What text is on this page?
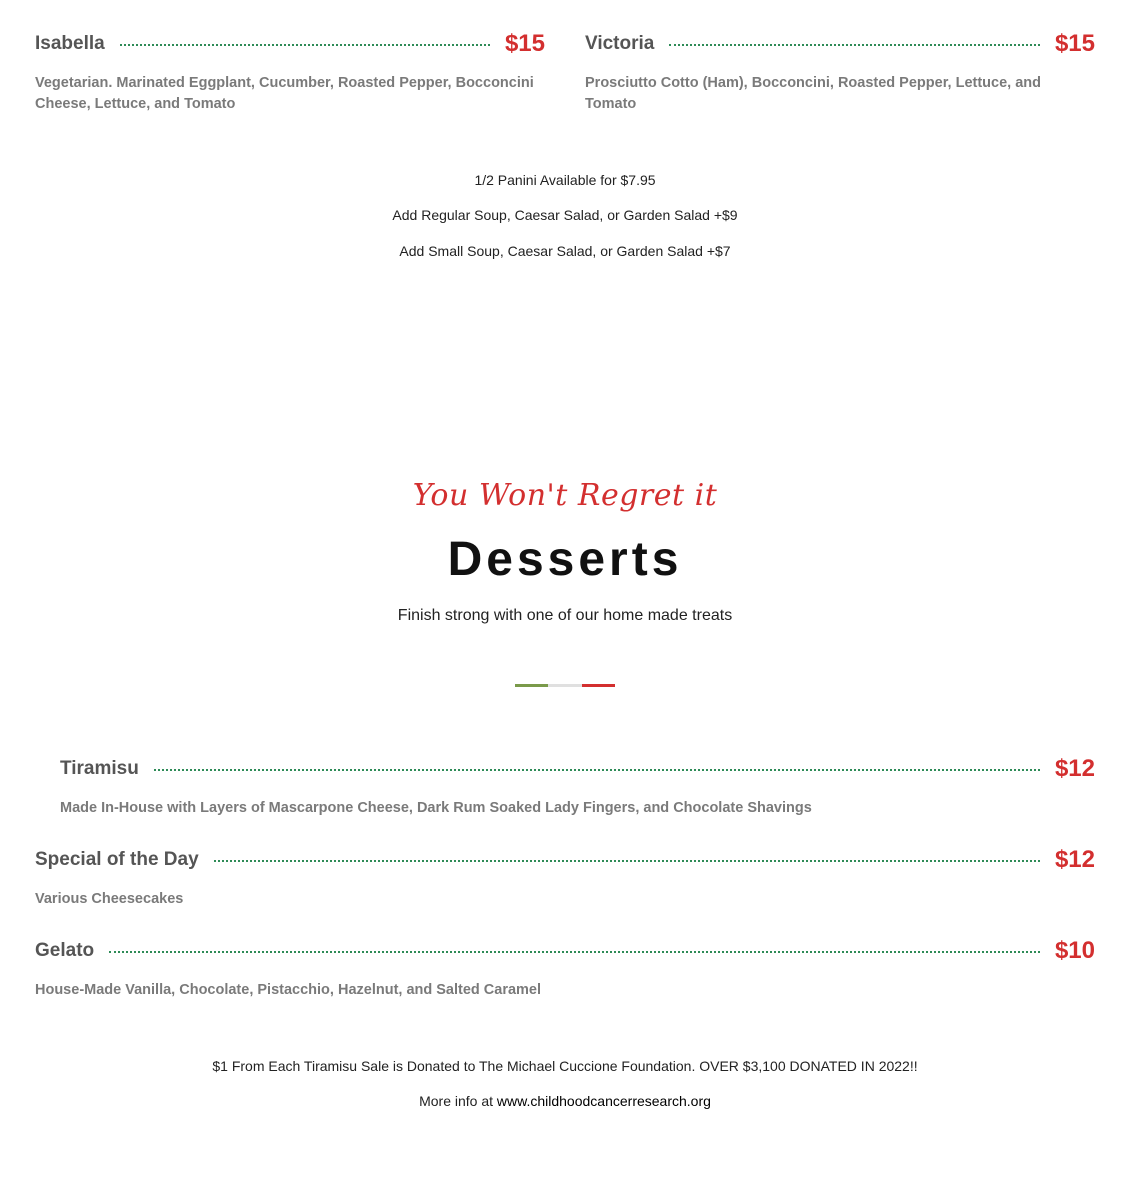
Isabella	$15
Vegetarian. Marinated Eggplant, Cucumber, Roasted Pepper, Bocconcini Cheese, Lettuce, and Tomato
Victoria	$15
Prosciutto Cotto (Ham), Bocconcini, Roasted Pepper, Lettuce, and Tomato
1/2 Panini Available for $7.95
Add Regular Soup, Caesar Salad, or Garden Salad +$9
Add Small Soup, Caesar Salad, or Garden Salad +$7
You Won't Regret it
Desserts
Finish strong with one of our home made treats
Tiramisu	$12
Made In-House with Layers of Mascarpone Cheese, Dark Rum Soaked Lady Fingers, and Chocolate Shavings
Special of the Day	$12
Various Cheesecakes
Gelato	$10
House-Made Vanilla, Chocolate, Pistacchio, Hazelnut, and Salted Caramel
$1 From Each Tiramisu Sale is Donated to The Michael Cuccione Foundation. OVER $3,100 DONATED IN 2022!!
More info at www.childhoodcancerresearch.org
